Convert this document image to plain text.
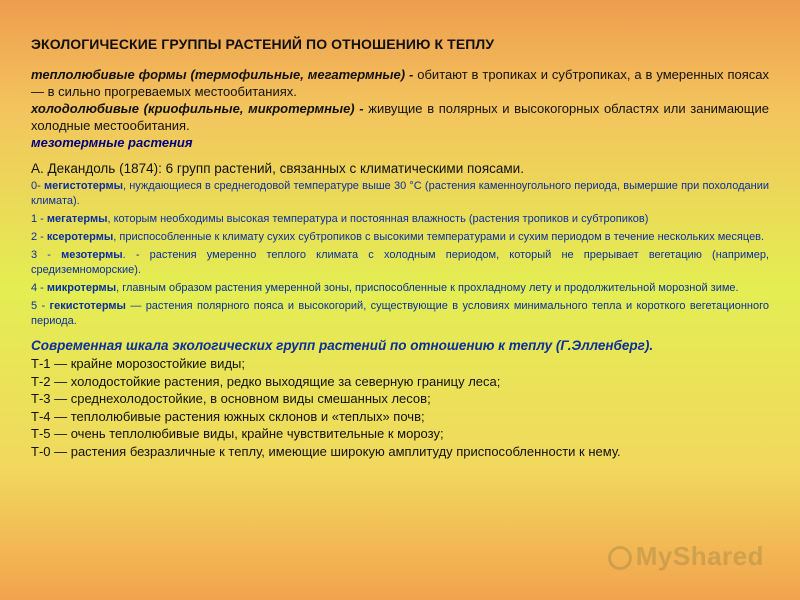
ЭКОЛОГИЧЕСКИЕ ГРУППЫ РАСТЕНИЙ ПО ОТНОШЕНИЮ К ТЕПЛУ

теплолюбивые формы (термофильные, мегатермные) - обитают в тропиках и субтропиках, а в умеренных поясах — в сильно прогреваемых местообитаниях.

холодолюбивые (криофильные, микротермные) - живущие в полярных и высокогорных областях или занимающие холодные местообитания.

мезотермные растения

А. Декандоль (1874): 6 групп растений, связанных с климатическими поясами.

0- мегистотермы, нуждающиеся в среднегодовой температуре выше 30 °С (растения каменноугольного периода, вымершие при похолодании климата).

1 - мегатермы, которым необходимы высокая температура и постоянная влажность (растения тропиков и субтропиков)

2 - ксеротермы, приспособленные к климату сухих субтропиков с высокими температурами и сухим периодом в течение нескольких месяцев.

3 - мезотермы. - растения умеренно теплого климата с холодным периодом, который не прерывает вегетацию (например, средиземноморские).

4 - микротермы, главным образом растения умеренной зоны, приспособленные к прохладному лету и продолжительной морозной зиме.

5 - гекистотермы — растения полярного пояса и высокогорий, существующие в условиях минимального тепла и короткого вегетационного периода.

Современная шкала экологических групп растений по отношению к теплу (Г.Элленберг).
Т-1 — крайне морозостойкие виды;
Т-2 — холодостойкие растения, редко выходящие за северную границу леса;
Т-3 — среднехолодостойкие, в основном виды смешанных лесов;
Т-4 — теплолюбивые растения южных склонов и «теплых» почв;
Т-5 — очень теплолюбивые виды, крайне чувствительные к морозу;
Т-0 — растения безразличные к теплу, имеющие широкую амплитуду приспособленности к нему.
MyShared
